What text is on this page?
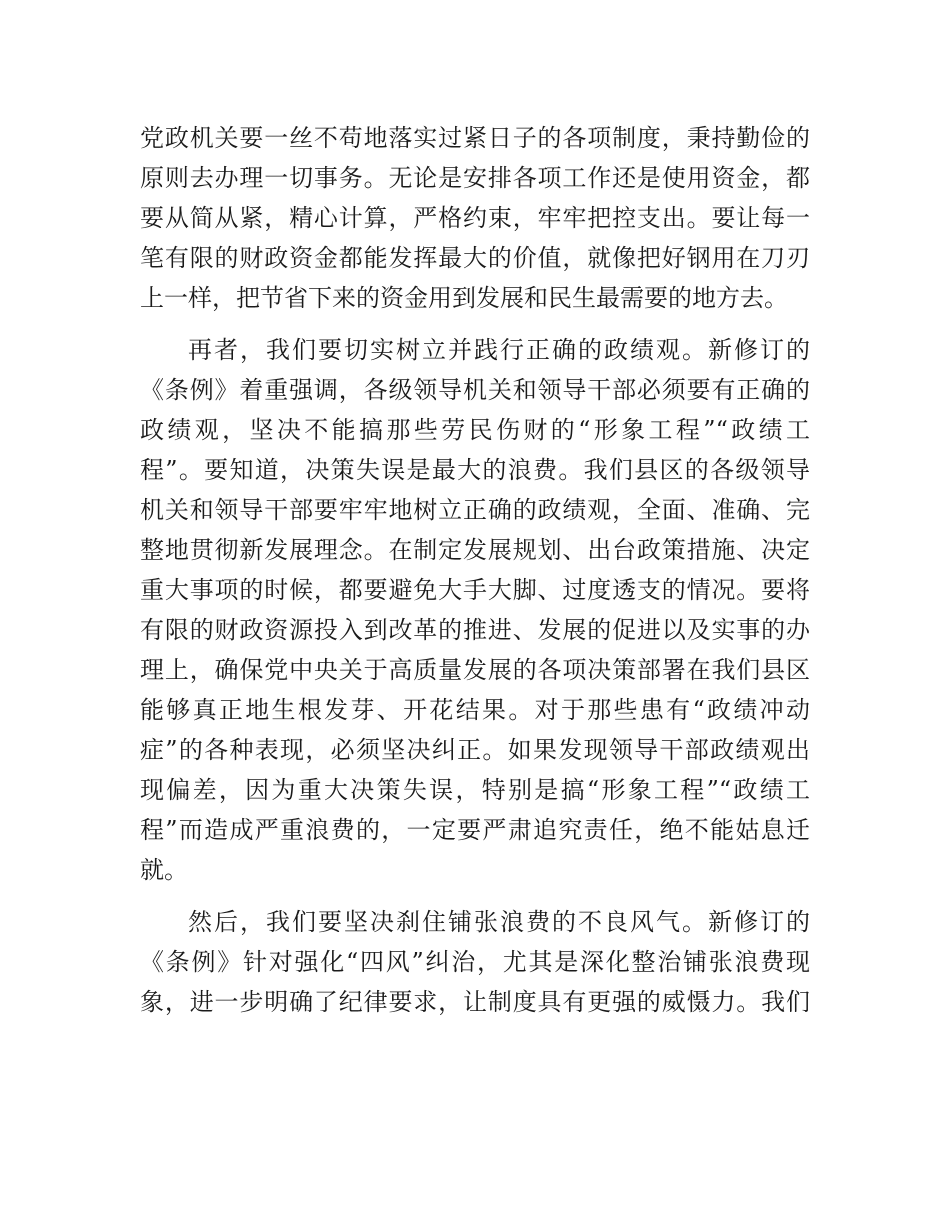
党政机关要一丝不苟地落实过紧日子的各项制度，秉持勤俭的
原则去办理一切事务。无论是安排各项工作还是使用资金，都
要从简从紧，精心计算，严格约束，牢牢把控支出。要让每一
笔有限的财政资金都能发挥最大的价值，就像把好钢用在刀刃
上一样，把节省下来的资金用到发展和民生最需要的地方去。
再者，我们要切实树立并践行正确的政绩观。新修订的
《条例》着重强调，各级领导机关和领导干部必须要有正确的
政绩观，坚决不能搞那些劳民伤财的“形象工程”“政绩工
程”。要知道，决策失误是最大的浪费。我们县区的各级领导
机关和领导干部要牢牢地树立正确的政绩观，全面、准确、完
整地贯彻新发展理念。在制定发展规划、出台政策措施、决定
重大事项的时候，都要避免大手大脚、过度透支的情况。要将
有限的财政资源投入到改革的推进、发展的促进以及实事的办
理上，确保党中央关于高质量发展的各项决策部署在我们县区
能够真正地生根发芽、开花结果。对于那些患有“政绩冲动
症”的各种表现，必须坚决纠正。如果发现领导干部政绩观出
现偏差，因为重大决策失误，特别是搞“形象工程”“政绩工
程”而造成严重浪费的，一定要严肃追究责任，绝不能姑息迁
就。
然后，我们要坚决刹住铺张浪费的不良风气。新修订的
《条例》针对强化“四风”纠治，尤其是深化整治铺张浪费现
象，进一步明确了纪律要求，让制度具有更强的威慑力。我们
